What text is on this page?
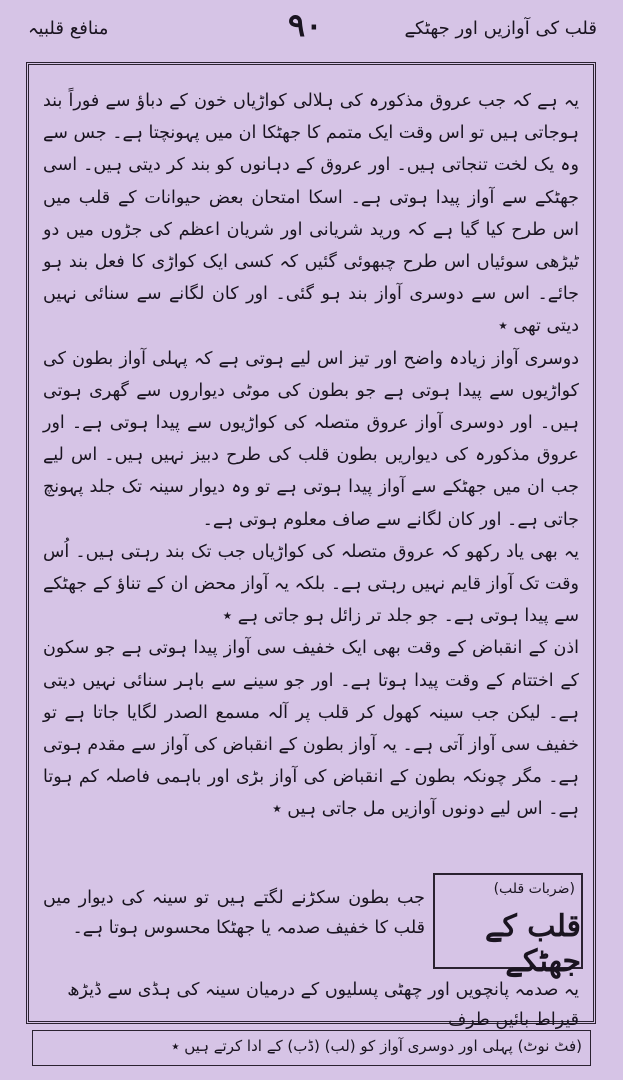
منافع قلبیہ	۹۰	قلب کی آوازیں اور جھٹکے

یہ ہے کہ جب عروق مذکورہ کی ہلالی کواڑیاں خون کے دباؤ سے فوراً بند ہوجاتی ہیں تو اس وقت ایک متمم کا جھٹکا ان میں پہونچتا ہے۔ جس سے وہ یک لخت تنجاتی ہیں۔ اور عروق کے دہانوں کو بند کر دیتی ہیں۔ اسی جھٹکے سے آواز پیدا ہوتی ہے۔ اسکا امتحان بعض حیوانات کے قلب میں اس طرح کیا گیا ہے کہ ورید شریانی اور شریان اعظم کی جڑوں میں دو ٹیڑھی سوئیاں اس طرح چبھوئی گئیں کہ کسی ایک کواڑی کا فعل بند ہو جائے۔ اس سے دوسری آواز بند ہو گئی۔ اور کان لگانے سے سنائی نہیں دیتی تھی ٭

دوسری آواز زیادہ واضح اور تیز اس لیے ہوتی ہے کہ پہلی آواز بطون کی کواڑیوں سے پیدا ہوتی ہے جو بطون کی موٹی دیواروں سے گھری ہوتی ہیں۔ اور دوسری آواز عروق متصلہ کی کواڑیوں سے پیدا ہوتی ہے۔ اور عروق مذکورہ کی دیواریں بطون قلب کی طرح دبیز نہیں ہیں۔ اس لیے جب ان میں جھٹکے سے آواز پیدا ہوتی ہے تو وہ دیوار سینہ تک جلد پہونچ جاتی ہے۔ اور کان لگانے سے صاف معلوم ہوتی ہے۔

یہ بھی یاد رکھو کہ عروق متصلہ کی کواڑیاں جب تک بند رہتی ہیں۔ اُس وقت تک آواز قایم نہیں رہتی ہے۔ بلکہ یہ آواز محض ان کے تناؤ کے جھٹکے سے پیدا ہوتی ہے۔ جو جلد تر زائل ہو جاتی ہے ٭

اذن کے انقباض کے وقت بھی ایک خفیف سی آواز پیدا ہوتی ہے جو سکون کے اختتام کے وقت پیدا ہوتا ہے۔ اور جو سینے سے باہر سنائی نہیں دیتی ہے۔ لیکن جب سینہ کھول کر قلب پر آلہ مسمع الصدر لگایا جاتا ہے تو خفیف سی آواز آتی ہے۔ یہ آواز بطون کے انقباض کی آواز سے مقدم ہوتی ہے۔ مگر چونکہ بطون کے انقباض کی آواز بڑی اور باہمی فاصلہ کم ہوتا ہے۔ اس لیے دونوں آوازیں مل جاتی ہیں ٭

(ضربات قلب)
قلب کے جھٹکے
جب بطون سکڑنے لگتے ہیں تو سینہ کی دیوار میں قلب کا خفیف صدمہ یا جھٹکا محسوس ہوتا ہے۔
یہ صدمہ پانچویں اور چھٹی پسلیوں کے درمیان سینہ کی ہڈی سے ڈیڑھ قیراط بائیں طرف
(فٹ نوٹ) پہلی اور دوسری آواز کو (لب) (ڈب) کے ادا کرتے ہیں ٭
